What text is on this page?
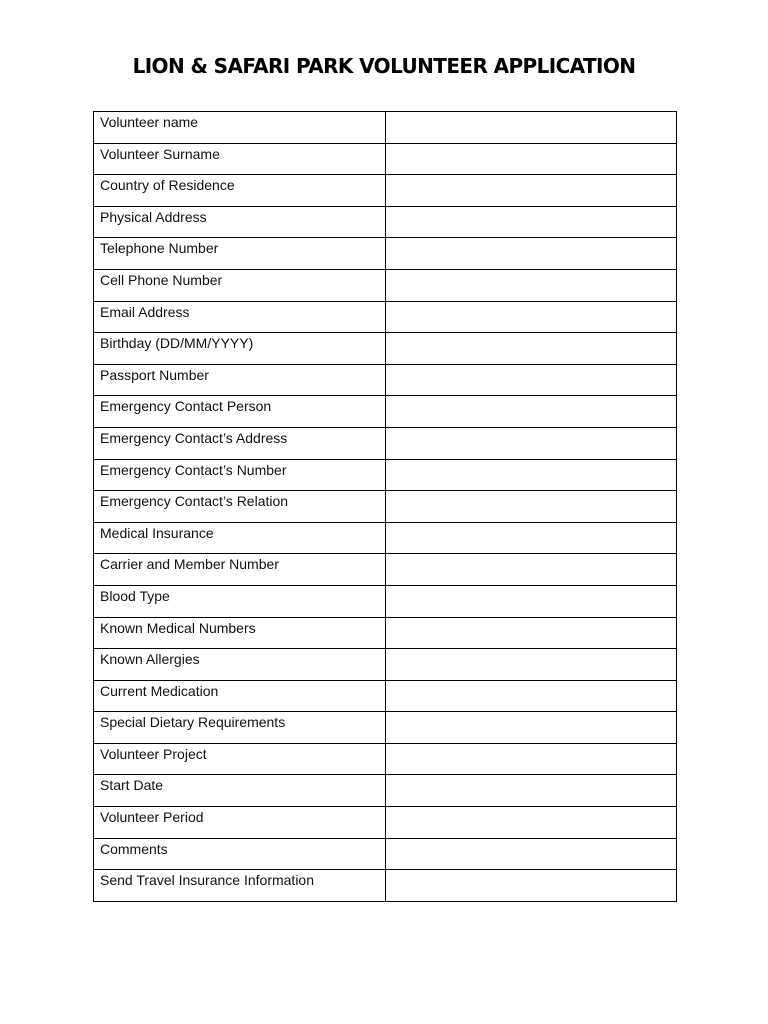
LION & SAFARI PARK VOLUNTEER APPLICATION
Volunteer name	
Volunteer Surname	
Country of Residence	
Physical Address	
Telephone Number	
Cell Phone Number	
Email Address	
Birthday (DD/MM/YYYY)	
Passport Number	
Emergency Contact Person	
Emergency Contact’s Address	
Emergency Contact’s Number	
Emergency Contact’s Relation	
Medical Insurance	
Carrier and Member Number	
Blood Type	
Known Medical Numbers	
Known Allergies	
Current Medication	
Special Dietary Requirements	
Volunteer Project	
Start Date	
Volunteer Period	
Comments	
Send Travel Insurance Information	
